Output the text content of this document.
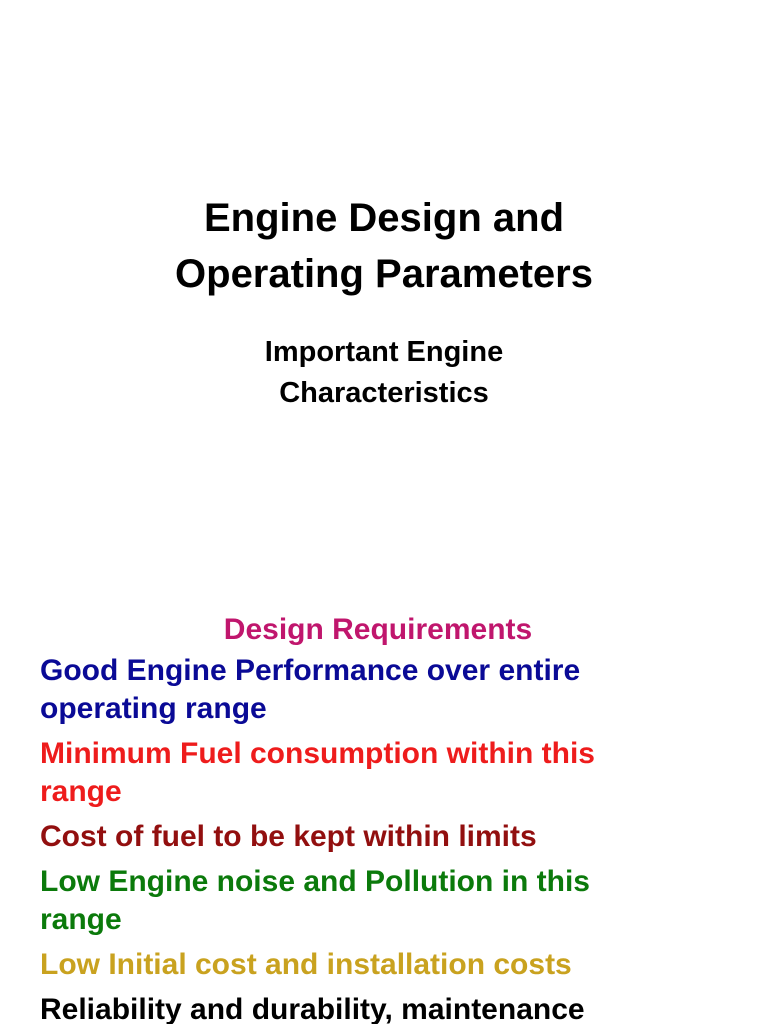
Engine Design and
Operating Parameters
Important Engine
Characteristics
Design Requirements
Good Engine Performance over entire
operating range
Minimum Fuel consumption within this
range
Cost of fuel to be kept within limits
Low Engine noise and Pollution in this
range
Low Initial cost and installation costs
Reliability and durability, maintenance
